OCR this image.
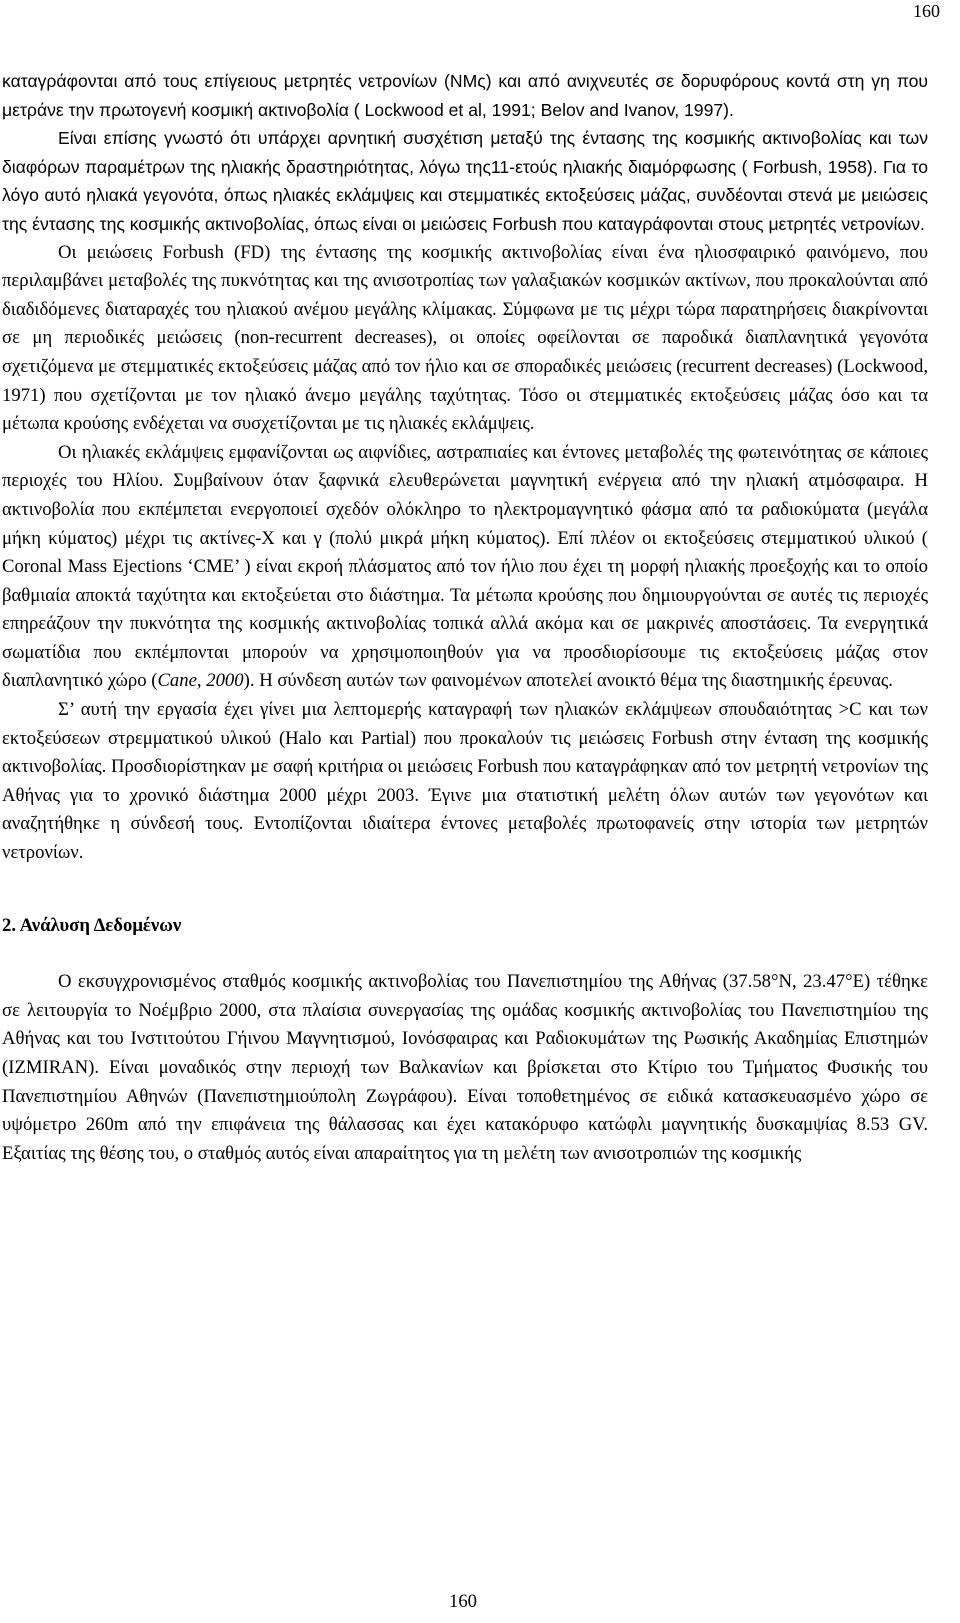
160

καταγράφονται από τους επίγειους μετρητές νετρονίων (NMς) και από ανιχνευτές σε δορυφόρους κοντά στη γη που μετράνε την πρωτογενή κοσμική ακτινοβολία ( Lockwood et al, 1991; Belov and Ivanov, 1997).

Είναι επίσης γνωστό ότι υπάρχει αρνητική συσχέτιση μεταξύ της έντασης της κοσμικής ακτινοβολίας και των διαφόρων παραμέτρων της ηλιακής δραστηριότητας, λόγω της11-ετούς ηλιακής διαμόρφωσης ( Forbush, 1958). Για το λόγο αυτό ηλιακά γεγονότα, όπως ηλιακές εκλάμψεις και στεμματικές εκτοξεύσεις μάζας, συνδέονται στενά με μειώσεις της έντασης της κοσμικής ακτινοβολίας, όπως είναι οι μειώσεις Forbush που καταγράφονται στους μετρητές νετρονίων.

Οι μειώσεις Forbush (FD) της έντασης της κοσμικής ακτινοβολίας είναι ένα ηλιοσφαιρικό φαινόμενο, που περιλαμβάνει μεταβολές της πυκνότητας και της ανισοτροπίας των γαλαξιακών κοσμικών ακτίνων, που προκαλούνται από διαδιδόμενες διαταραχές του ηλιακού ανέμου μεγάλης κλίμακας. Σύμφωνα με τις μέχρι τώρα παρατηρήσεις διακρίνονται σε μη περιοδικές μειώσεις (non-recurrent decreases), οι οποίες οφείλονται σε παροδικά διαπλανητικά γεγονότα σχετιζόμενα με στεμματικές εκτοξεύσεις μάζας από τον ήλιο και σε σποραδικές μειώσεις (recurrent decreases) (Lockwood, 1971) που σχετίζονται με τον ηλιακό άνεμο μεγάλης ταχύτητας. Τόσο οι στεμματικές εκτοξεύσεις μάζας όσο και τα μέτωπα κρούσης ενδέχεται να συσχετίζονται με τις ηλιακές εκλάμψεις.

Οι ηλιακές εκλάμψεις εμφανίζονται ως αιφνίδιες, αστραπιαίες και έντονες μεταβολές της φωτεινότητας σε κάποιες περιοχές του Ηλίου. Συμβαίνουν όταν ξαφνικά ελευθερώνεται μαγνητική ενέργεια από την ηλιακή ατμόσφαιρα. Η ακτινοβολία που εκπέμπεται ενεργοποιεί σχεδόν ολόκληρο το ηλεκτρομαγνητικό φάσμα από τα ραδιοκύματα (μεγάλα μήκη κύματος) μέχρι τις ακτίνες-Χ και γ (πολύ μικρά μήκη κύματος). Επί πλέον οι εκτοξεύσεις στεμματικού υλικού ( Coronal Mass Ejections ‘CME’ ) είναι εκροή πλάσματος από τον ήλιο που έχει τη μορφή ηλιακής προεξοχής και το οποίο βαθμιαία αποκτά ταχύτητα και εκτοξεύεται στο διάστημα. Τα μέτωπα κρούσης που δημιουργούνται σε αυτές τις περιοχές επηρεάζουν την πυκνότητα της κοσμικής ακτινοβολίας τοπικά αλλά ακόμα και σε μακρινές αποστάσεις. Τα ενεργητικά σωματίδια που εκπέμπονται μπορούν να χρησιμοποιηθούν για να προσδιορίσουμε τις εκτοξεύσεις μάζας στον διαπλανητικό χώρο (Cane, 2000). Η σύνδεση αυτών των φαινομένων αποτελεί ανοικτό θέμα της διαστημικής έρευνας.

Σ’ αυτή την εργασία έχει γίνει μια λεπτομερής καταγραφή των ηλιακών εκλάμψεων σπουδαιότητας >C και των εκτοξεύσεων στρεμματικού υλικού (Halo και Partial) που προκαλούν τις μειώσεις Forbush στην ένταση της κοσμικής ακτινοβολίας. Προσδιορίστηκαν με σαφή κριτήρια οι μειώσεις Forbush που καταγράφηκαν από τον μετρητή νετρονίων της Αθήνας για το χρονικό διάστημα 2000 μέχρι 2003. Έγινε μια στατιστική μελέτη όλων αυτών των γεγονότων και αναζητήθηκε η σύνδεσή τους. Εντοπίζονται ιδιαίτερα έντονες μεταβολές πρωτοφανείς στην ιστορία των μετρητών νετρονίων.

2. Ανάλυση Δεδομένων

Ο εκσυγχρονισμένος σταθμός κοσμικής ακτινοβολίας του Πανεπιστημίου της Αθήνας (37.58°N, 23.47°E) τέθηκε σε λειτουργία το Νοέμβριο 2000, στα πλαίσια συνεργασίας της ομάδας κοσμικής ακτινοβολίας του Πανεπιστημίου της Αθήνας και του Ινστιτούτου Γήινου Μαγνητισμού, Ιονόσφαιρας και Ραδιοκυμάτων της Ρωσικής Ακαδημίας Επιστημών (IZMIRAN). Είναι μοναδικός στην περιοχή των Βαλκανίων και βρίσκεται στο Κτίριο του Τμήματος Φυσικής του Πανεπιστημίου Αθηνών (Πανεπιστημιούπολη Ζωγράφου). Είναι τοποθετημένος σε ειδικά κατασκευασμένο χώρο σε υψόμετρο 260m από την επιφάνεια της θάλασσας και έχει κατακόρυφο κατώφλι μαγνητικής δυσκαμψίας 8.53 GV. Εξαιτίας της θέσης του, ο σταθμός αυτός είναι απαραίτητος για τη μελέτη των ανισοτροπιών της κοσμικής

160
